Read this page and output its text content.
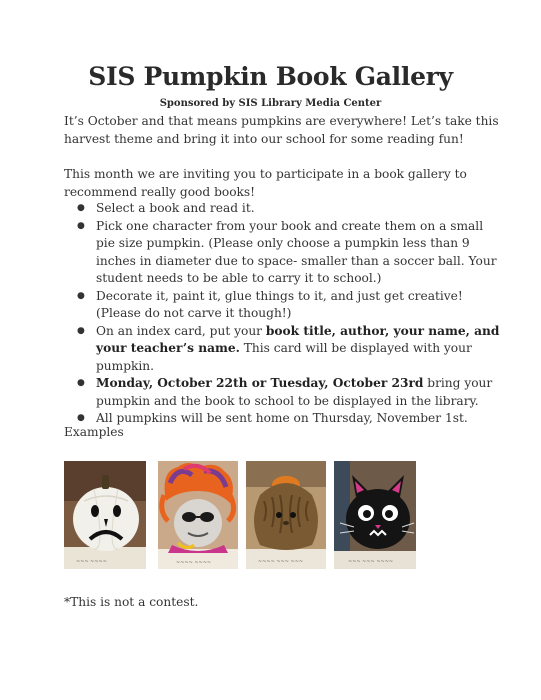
SIS Pumpkin Book Gallery
Sponsored by SIS Library Media Center
It’s October and that means pumpkins are everywhere! Let’s take this harvest theme and bring it into our school for some reading fun!
This month we are inviting you to participate in a book gallery to recommend really good books!
● Select a book and read it.
● Pick one character from your book and create them on a small pie size pumpkin. (Please only choose a pumpkin less than 9 inches in diameter due to space- smaller than a soccer ball. Your student needs to be able to carry it to school.)
● Decorate it, paint it, glue things to it, and just get creative! (Please do not carve it though!)
● On an index card, put your book title, author, your name, and your teacher’s name. This card will be displayed with your pumpkin.
● Monday, October 22th or Tuesday, October 23rd bring your pumpkin and the book to school to be displayed in the library.
● All pumpkins will be sent home on Thursday, November 1st.
Examples
~~~ ~~~~	~~~~ ~~~~	~~~~ ~~~ ~~~	~~~ ~~~ ~~~~
*This is not a contest.
